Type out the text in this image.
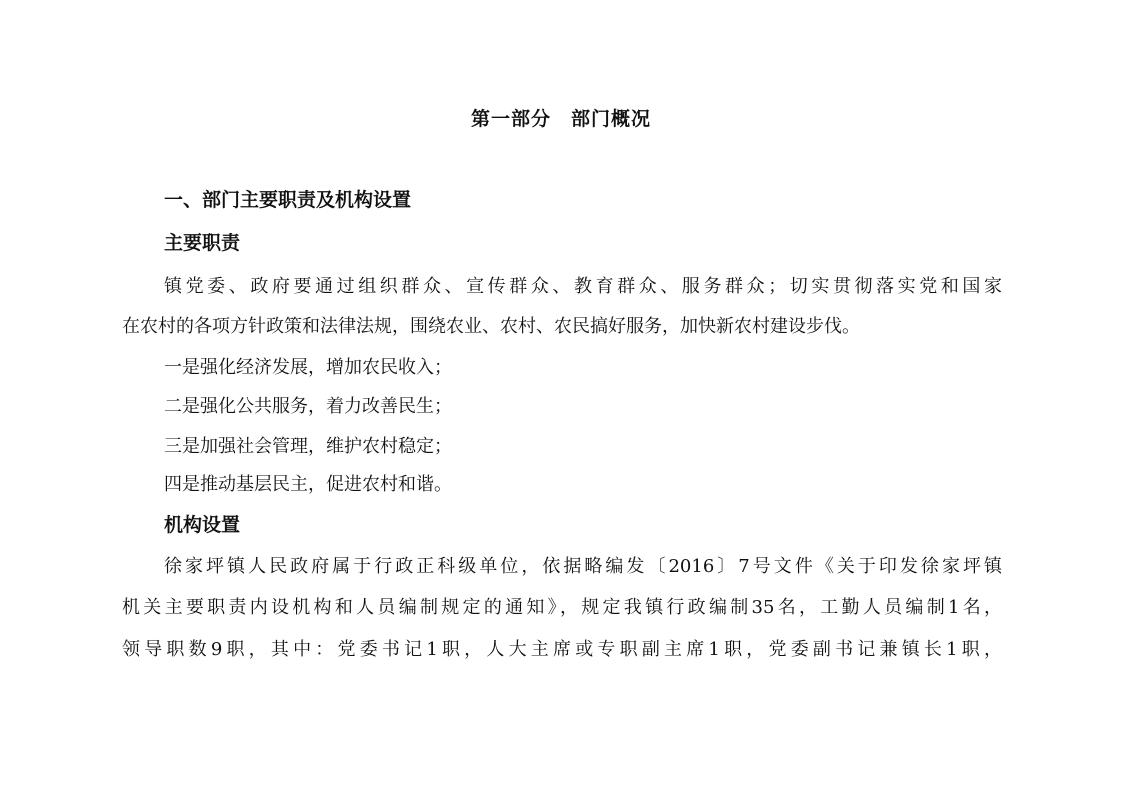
第一部分 部门概况
一、部门主要职责及机构设置
主要职责
镇党委、政府要通过组织群众、宣传群众、教育群众、服务群众；切实贯彻落实党和国家
在农村的各项方针政策和法律法规，围绕农业、农村、农民搞好服务，加快新农村建设步伐。
一是强化经济发展，增加农民收入；
二是强化公共服务，着力改善民生；
三是加强社会管理，维护农村稳定；
四是推动基层民主，促进农村和谐。
机构设置
徐家坪镇人民政府属于行政正科级单位，依据略编发〔2016〕7号文件《关于印发徐家坪镇
机关主要职责内设机构和人员编制规定的通知》，规定我镇行政编制35名，工勤人员编制1名，
领导职数9职，其中：党委书记1职，人大主席或专职副主席1职，党委副书记兼镇长1职，
